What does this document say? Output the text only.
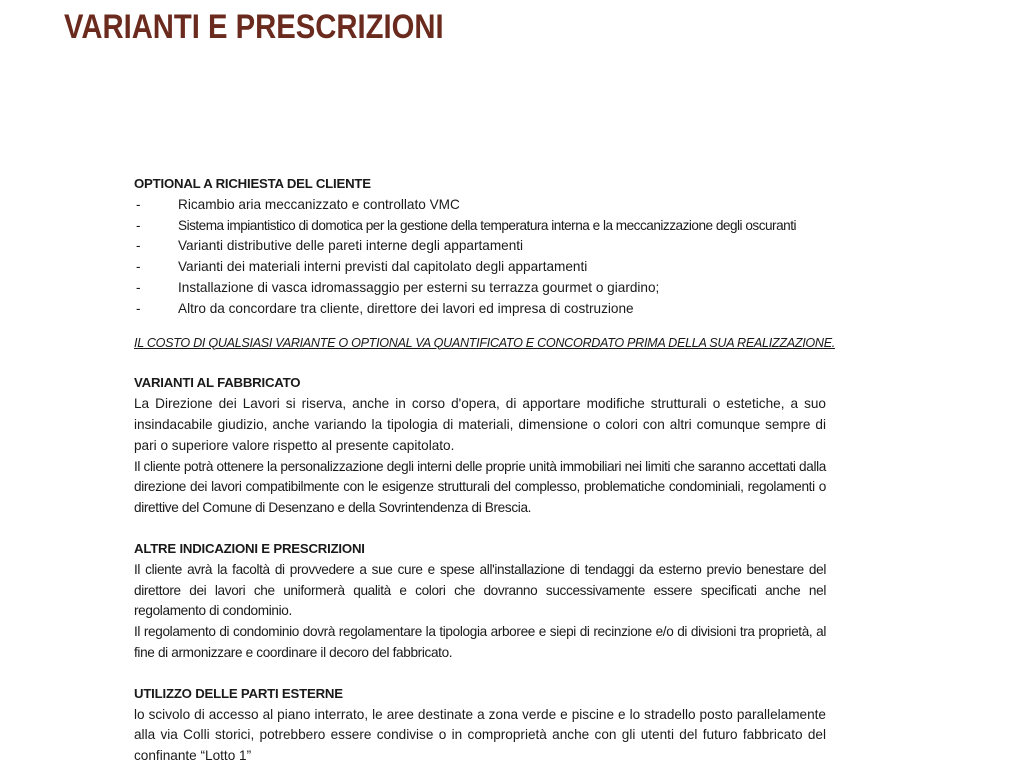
VARIANTI E PRESCRIZIONI
OPTIONAL A RICHIESTA DEL CLIENTE
-	Ricambio aria meccanizzato e controllato VMC
-	Sistema impiantistico di domotica per la gestione della temperatura interna e la meccanizzazione degli oscuranti
-	Varianti distributive delle pareti interne degli appartamenti
-	Varianti dei materiali interni previsti dal capitolato degli appartamenti
-	Installazione di vasca idromassaggio per esterni su terrazza gourmet o giardino;
-	Altro da concordare tra cliente, direttore dei lavori ed impresa di costruzione

IL COSTO DI QUALSIASI VARIANTE O OPTIONAL VA QUANTIFICATO E CONCORDATO PRIMA DELLA SUA REALIZZAZIONE.

VARIANTI AL FABBRICATO

La Direzione dei Lavori si riserva, anche in corso d'opera, di apportare modifiche strutturali o estetiche, a suo insindacabile giudizio, anche variando la tipologia di materiali, dimensione o colori con altri comunque sempre di pari o superiore valore rispetto al presente capitolato.

Il cliente potrà ottenere la personalizzazione degli interni delle proprie unità immobiliari nei limiti che saranno accettati dalla direzione dei lavori compatibilmente con le esigenze strutturali del complesso, problematiche condominiali, regolamenti o direttive del Comune di Desenzano e della Sovrintendenza di Brescia.

ALTRE INDICAZIONI E PRESCRIZIONI

Il cliente avrà la facoltà di provvedere a sue cure e spese all'installazione di tendaggi da esterno previo benestare del direttore dei lavori che uniformerà qualità e colori che dovranno successivamente essere specificati anche nel regolamento di condominio.

Il regolamento di condominio dovrà regolamentare la tipologia arboree e siepi di recinzione e/o di divisioni tra proprietà, al fine di armonizzare e coordinare il decoro del fabbricato.

UTILIZZO DELLE PARTI ESTERNE

lo scivolo di accesso al piano interrato, le aree destinate a zona verde e piscine e lo stradello posto parallelamente alla via Colli storici, potrebbero essere condivise o in comproprietà anche con gli utenti del futuro fabbricato del confinante “Lotto 1”
